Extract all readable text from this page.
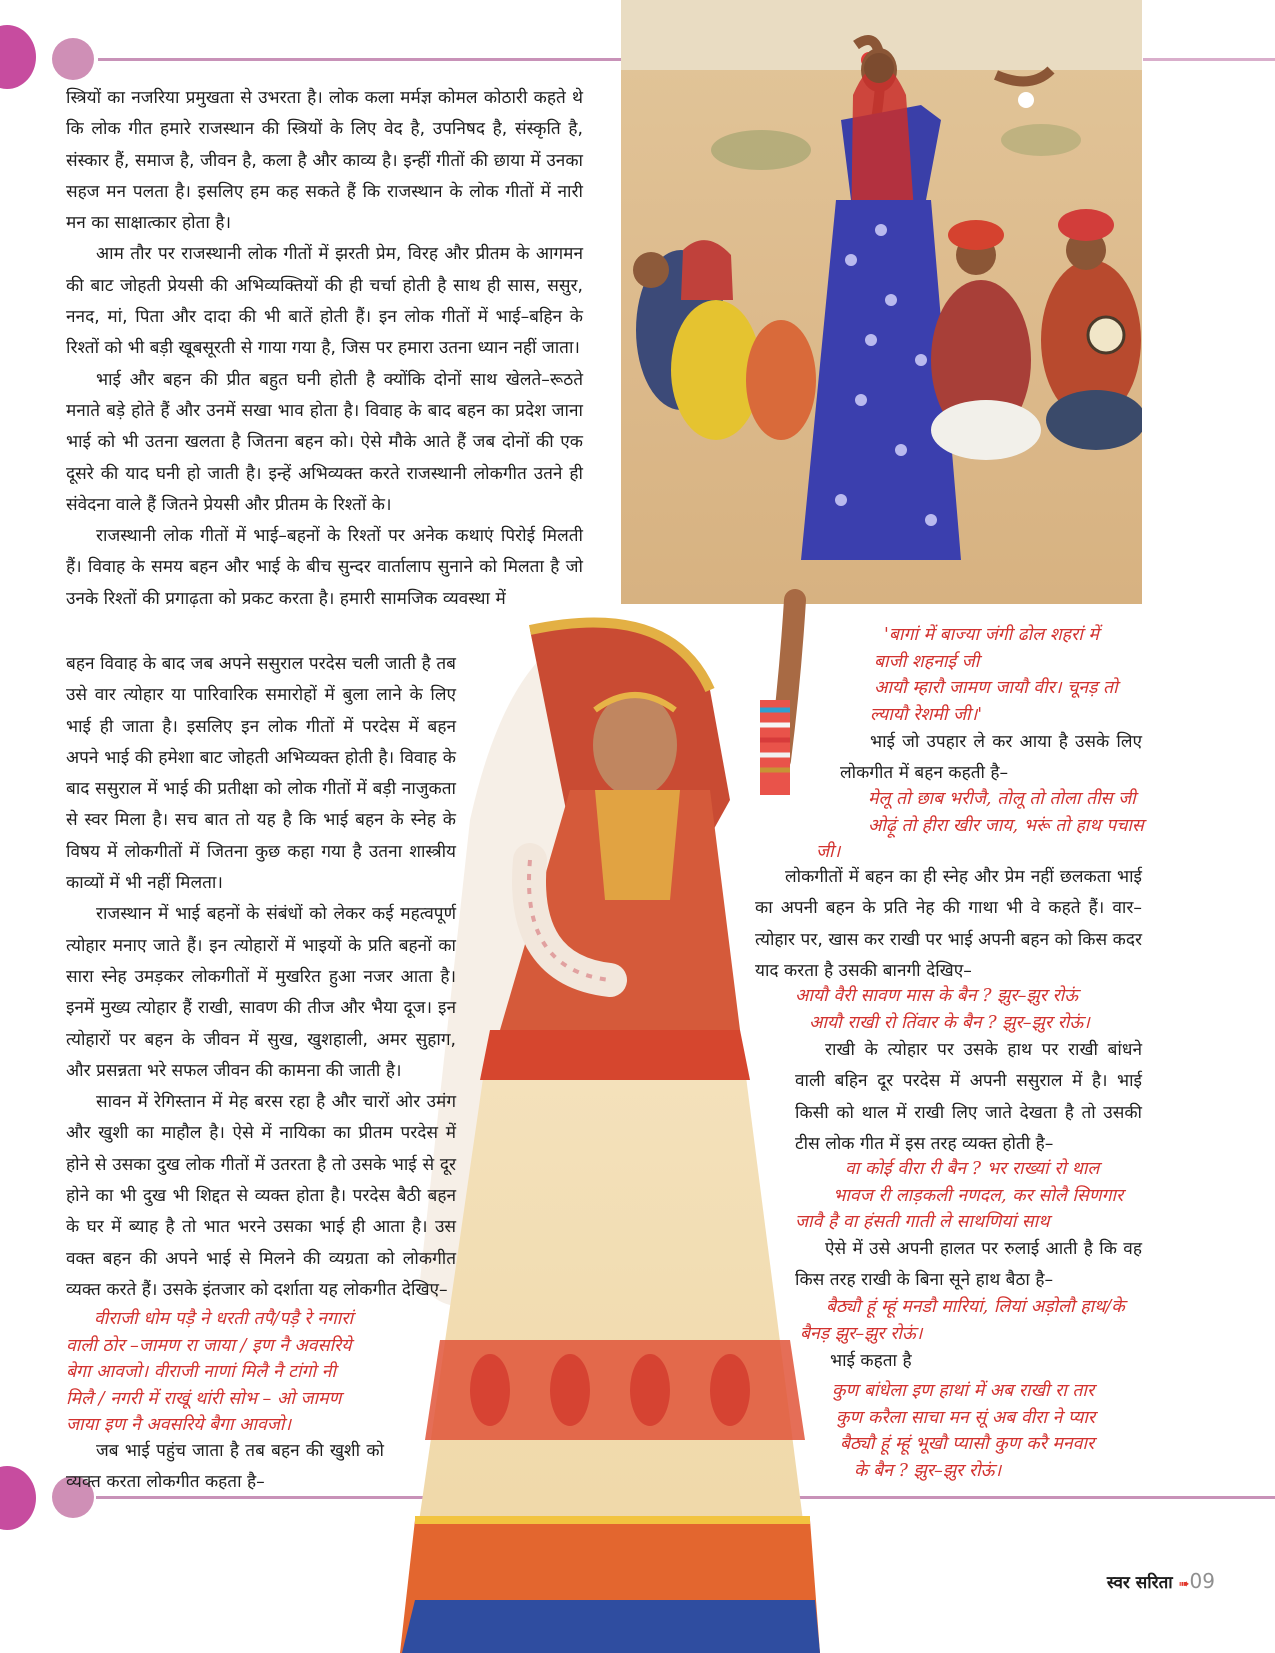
स्त्रियों का नजरिया प्रमुखता से उभरता है। लोक कला मर्मज्ञ कोमल कोठारी कहते थे कि लोक गीत हमारे राजस्थान की स्त्रियों के लिए वेद है, उपनिषद है, संस्कृति है, संस्कार हैं, समाज है, जीवन है, कला है और काव्य है। इन्हीं गीतों की छाया में उनका सहज मन पलता है। इसलिए हम कह सकते हैं कि राजस्थान के लोक गीतों में नारी मन का साक्षात्कार होता है।

आम तौर पर राजस्थानी लोक गीतों में झरती प्रेम, विरह और प्रीतम के आगमन की बाट जोहती प्रेयसी की अभिव्यक्तियों की ही चर्चा होती है साथ ही सास, ससुर, ननद, मां, पिता और दादा की भी बातें होती हैं। इन लोक गीतों में भाई–बहिन के रिश्तों को भी बड़ी खूबसूरती से गाया गया है, जिस पर हमारा उतना ध्यान नहीं जाता।

भाई और बहन की प्रीत बहुत घनी होती है क्योंकि दोनों साथ खेलते–रूठते मनाते बड़े होते हैं और उनमें सखा भाव होता है। विवाह के बाद बहन का प्रदेश जाना भाई को भी उतना खलता है जितना बहन को। ऐसे मौके आते हैं जब दोनों की एक दूसरे की याद घनी हो जाती है। इन्हें अभिव्यक्त करते राजस्थानी लोकगीत उतने ही संवेदना वाले हैं जितने प्रेयसी और प्रीतम के रिश्तों के।

राजस्थानी लोक गीतों में भाई–बहनों के रिश्तों पर अनेक कथाएं पिरोई मिलती हैं। विवाह के समय बहन और भाई के बीच सुन्दर वार्तालाप सुनाने को मिलता है जो उनके रिश्तों की प्रगाढ़ता को प्रकट करता है। हमारी सामजिक व्यवस्था में

बहन विवाह के बाद जब अपने ससुराल परदेस चली जाती है तब उसे वार त्योहार या पारिवारिक समारोहों में बुला लाने के लिए भाई ही जाता है। इसलिए इन लोक गीतों में परदेस में बहन अपने भाई की हमेशा बाट जोहती अभिव्यक्त होती है। विवाह के बाद ससुराल में भाई की प्रतीक्षा को लोक गीतों में बड़ी नाजुकता से स्वर मिला है। सच बात तो यह है कि भाई बहन के स्नेह के विषय में लोकगीतों में जितना कुछ कहा गया है उतना शास्त्रीय काव्यों में भी नहीं मिलता।

राजस्थान में भाई बहनों के संबंधों को लेकर कई महत्वपूर्ण त्योहार मनाए जाते हैं। इन त्योहारों में भाइयों के प्रति बहनों का सारा स्नेह उमड़कर लोकगीतों में मुखरित हुआ नजर आता है। इनमें मुख्य त्योहार हैं राखी, सावण की तीज और भैया दूज। इन त्योहारों पर बहन के जीवन में सुख, खुशहाली, अमर सुहाग, और प्रसन्नता भरे सफल जीवन की कामना की जाती है।

सावन में रेगिस्तान में मेह बरस रहा है और चारों ओर उमंग और खुशी का माहौल है। ऐसे में नायिका का प्रीतम परदेस में होने से उसका दुख लोक गीतों में उतरता है तो उसके भाई से दूर होने का भी दुख भी शिद्दत से व्यक्त होता है। परदेस बैठी बहन के घर में ब्याह है तो भात भरने उसका भाई ही आता है। उस वक्त बहन की अपने भाई से मिलने की व्यग्रता को लोकगीत व्यक्त करते हैं। उसके इंतजार को दर्शाता यह लोकगीत देखिए–

वीराजी धोम पड़ै ने धरती तपै/पड़ै रे नगारां
वाली ठोर –जामण रा जाया / इण नै अवसरिये
बेगा आवजो। वीराजी नाणां मिलै नै टांगो नी
मिलै / नगरी में राखूं थांरी सोभ – ओ जामण
जाया इण नै अवसरिये बैगा आवजो।

जब भाई पहुंच जाता है तब बहन की खुशी को व्यक्त करता लोकगीत कहता है–

'बागां में बाज्या जंगी ढोल शहरां में
बाजी शहनाई जी
आयौ म्हारौ जामण जायौ वीर। चूनड़ तो
ल्यायौ रेशमी जी।'

भाई जो उपहार ले कर आया है उसके लिए लोकगीत में बहन कहती है–

मेलू तो छाब भरीजै, तोलू तो तोला तीस जी
ओढ़ूं तो हीरा खीर जाय, भरूं तो हाथ पचास
जी।

लोकगीतों में बहन का ही स्नेह और प्रेम नहीं छलकता भाई का अपनी बहन के प्रति नेह की गाथा भी वे कहते हैं। वार–त्योहार पर, खास कर राखी पर भाई अपनी बहन को किस कदर याद करता है उसकी बानगी देखिए–

आयौ वैरी सावण मास के बैन ? झुर–झुर रोऊं
आयौ राखी रो तिंवार के बैन ? झुर–झुर रोऊं।

राखी के त्योहार पर उसके हाथ पर राखी बांधने वाली बहिन दूर परदेस में अपनी ससुराल में है। भाई किसी को थाल में राखी लिए जाते देखता है तो उसकी टीस लोक गीत में इस तरह व्यक्त होती है–

वा कोई वीरा री बैन ? भर राख्यां रो थाल
भावज री लाड़कली नणदल, कर सोलै सिणगार
जावै है वा हंसती गाती ले साथणियां साथ

ऐसे में उसे अपनी हालत पर रुलाई आती है कि वह किस तरह राखी के बिना सूने हाथ बैठा है–

बैठ्यौ हूं म्हूं मनडौ मारियां, लियां अड़ोलौ हाथ/के
बैनड़ झुर–झुर रोऊं।

भाई कहता है

कुण बांधेला इण हाथां में अब राखी रा तार
कुण करैला साचा मन सूं अब वीरा ने प्यार
बैठ्यौ हूं म्हूं भूखौ प्यासौ कुण करै मनवार
के बैन ? झुर–झुर रोऊं।
स्वर सरिता ➠09
